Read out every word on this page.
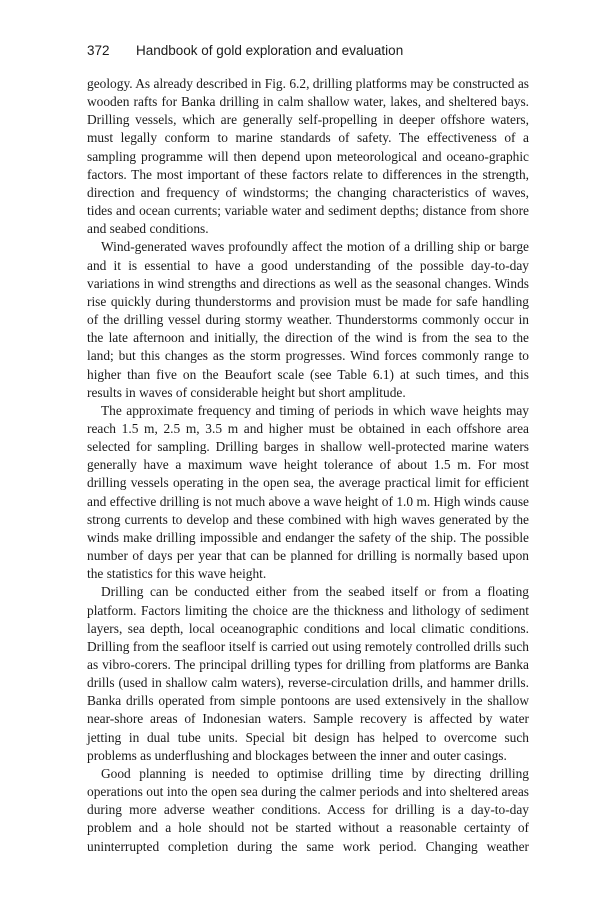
372 Handbook of gold exploration and evaluation

geology. As already described in Fig. 6.2, drilling platforms may be constructed as wooden rafts for Banka drilling in calm shallow water, lakes, and sheltered bays. Drilling vessels, which are generally self-propelling in deeper offshore waters, must legally conform to marine standards of safety. The effectiveness of a sampling programme will then depend upon meteorological and oceano-graphic factors. The most important of these factors relate to differences in the strength, direction and frequency of windstorms; the changing characteristics of waves, tides and ocean currents; variable water and sediment depths; distance from shore and seabed conditions.

Wind-generated waves profoundly affect the motion of a drilling ship or barge and it is essential to have a good understanding of the possible day-to-day variations in wind strengths and directions as well as the seasonal changes. Winds rise quickly during thunderstorms and provision must be made for safe handling of the drilling vessel during stormy weather. Thunderstorms commonly occur in the late afternoon and initially, the direction of the wind is from the sea to the land; but this changes as the storm progresses. Wind forces commonly range to higher than five on the Beaufort scale (see Table 6.1) at such times, and this results in waves of considerable height but short amplitude.

The approximate frequency and timing of periods in which wave heights may reach 1.5 m, 2.5 m, 3.5 m and higher must be obtained in each offshore area selected for sampling. Drilling barges in shallow well-protected marine waters generally have a maximum wave height tolerance of about 1.5 m. For most drilling vessels operating in the open sea, the average practical limit for efficient and effective drilling is not much above a wave height of 1.0 m. High winds cause strong currents to develop and these combined with high waves generated by the winds make drilling impossible and endanger the safety of the ship. The possible number of days per year that can be planned for drilling is normally based upon the statistics for this wave height.

Drilling can be conducted either from the seabed itself or from a floating platform. Factors limiting the choice are the thickness and lithology of sediment layers, sea depth, local oceanographic conditions and local climatic conditions. Drilling from the seafloor itself is carried out using remotely controlled drills such as vibro-corers. The principal drilling types for drilling from platforms are Banka drills (used in shallow calm waters), reverse-circulation drills, and hammer drills. Banka drills operated from simple pontoons are used extensively in the shallow near-shore areas of Indonesian waters. Sample recovery is affected by water jetting in dual tube units. Special bit design has helped to overcome such problems as underflushing and blockages between the inner and outer casings.

Good planning is needed to optimise drilling time by directing drilling operations out into the open sea during the calmer periods and into sheltered areas during more adverse weather conditions. Access for drilling is a day-to-day problem and a hole should not be started without a reasonable certainty of uninterrupted completion during the same work period. Changing weather
